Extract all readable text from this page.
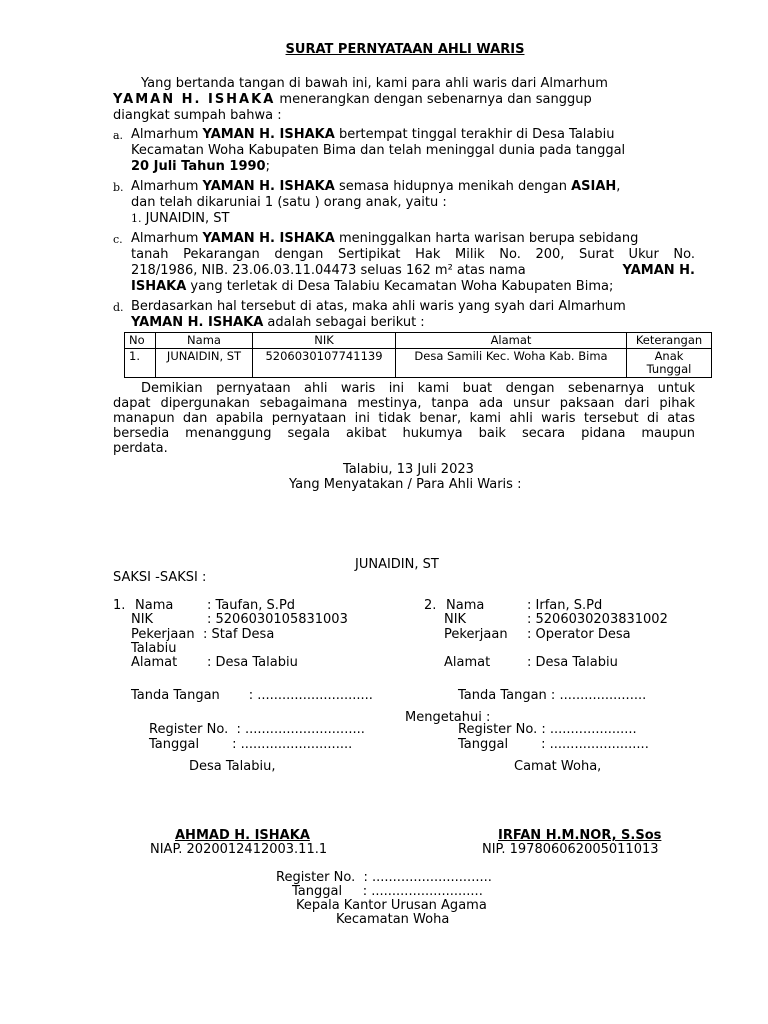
SURAT PERNYATAAN AHLI WARIS
Yang bertanda tangan di bawah ini, kami para ahli waris dari Almarhum
YAMAN H. ISHAKA menerangkan dengan sebenarnya dan sanggup
diangkat sumpah bahwa :
a. Almarhum YAMAN H. ISHAKA bertempat tinggal terakhir di Desa Talabiu
Kecamatan Woha Kabupaten Bima dan telah meninggal dunia pada tanggal
20 Juli Tahun 1990;
b. Almarhum YAMAN H. ISHAKA semasa hidupnya menikah dengan ASIAH,
dan telah dikaruniai 1 (satu ) orang anak, yaitu :
1. JUNAIDIN, ST
c. Almarhum YAMAN H. ISHAKA meninggalkan harta warisan berupa sebidang
tanah Pekarangan dengan Sertipikat Hak Milik No. 200, Surat Ukur No.
218/1986, NIB. 23.06.03.11.04473 seluas 162 m² atas nama	YAMAN H.
ISHAKA yang terletak di Desa Talabiu Kecamatan Woha Kabupaten Bima;
d. Berdasarkan hal tersebut di atas, maka ahli waris yang syah dari Almarhum
YAMAN H. ISHAKA adalah sebagai berikut :
No	Nama	NIK	Alamat	Keterangan
1.	JUNAIDIN, ST	5206030107741139	Desa Samili Kec. Woha Kab. Bima	Anak
Tunggal
Demikian pernyataan ahli waris ini kami buat dengan sebenarnya untuk
dapat dipergunakan sebagaimana mestinya, tanpa ada unsur paksaan dari pihak
manapun dan apabila pernyataan ini tidak benar, kami ahli waris tersebut di atas
bersedia menanggung segala akibat hukumya baik secara pidana maupun
perdata.
Talabiu, 13 Juli 2023
Yang Menyatakan / Para Ahli Waris :
JUNAIDIN, ST
SAKSI -SAKSI :
1. Nama	: Taufan, S.Pd
NIK	: 5206030105831003
Pekerjaan : Staf Desa
Talabiu
Alamat : Desa Talabiu
2. Nama	: Irfan, S.Pd
NIK	: 5206030203831002
Pekerjaan : Operator Desa
Alamat	: Desa Talabiu
Tanda Tangan       : ............................	Tanda Tangan : .....................
Mengetahui :
Register No.  : .............................
Tanggal        : ...........................
Register No. : .....................
Tanggal        : ........................
Desa Talabiu,	Camat Woha,
AHMAD H. ISHAKA
NIAP. 2020012412003.11.1
IRFAN H.M.NOR, S.Sos
NIP. 197806062005011013
Register No.  : .............................
Tanggal     : ...........................
Kepala Kantor Urusan Agama
Kecamatan Woha
